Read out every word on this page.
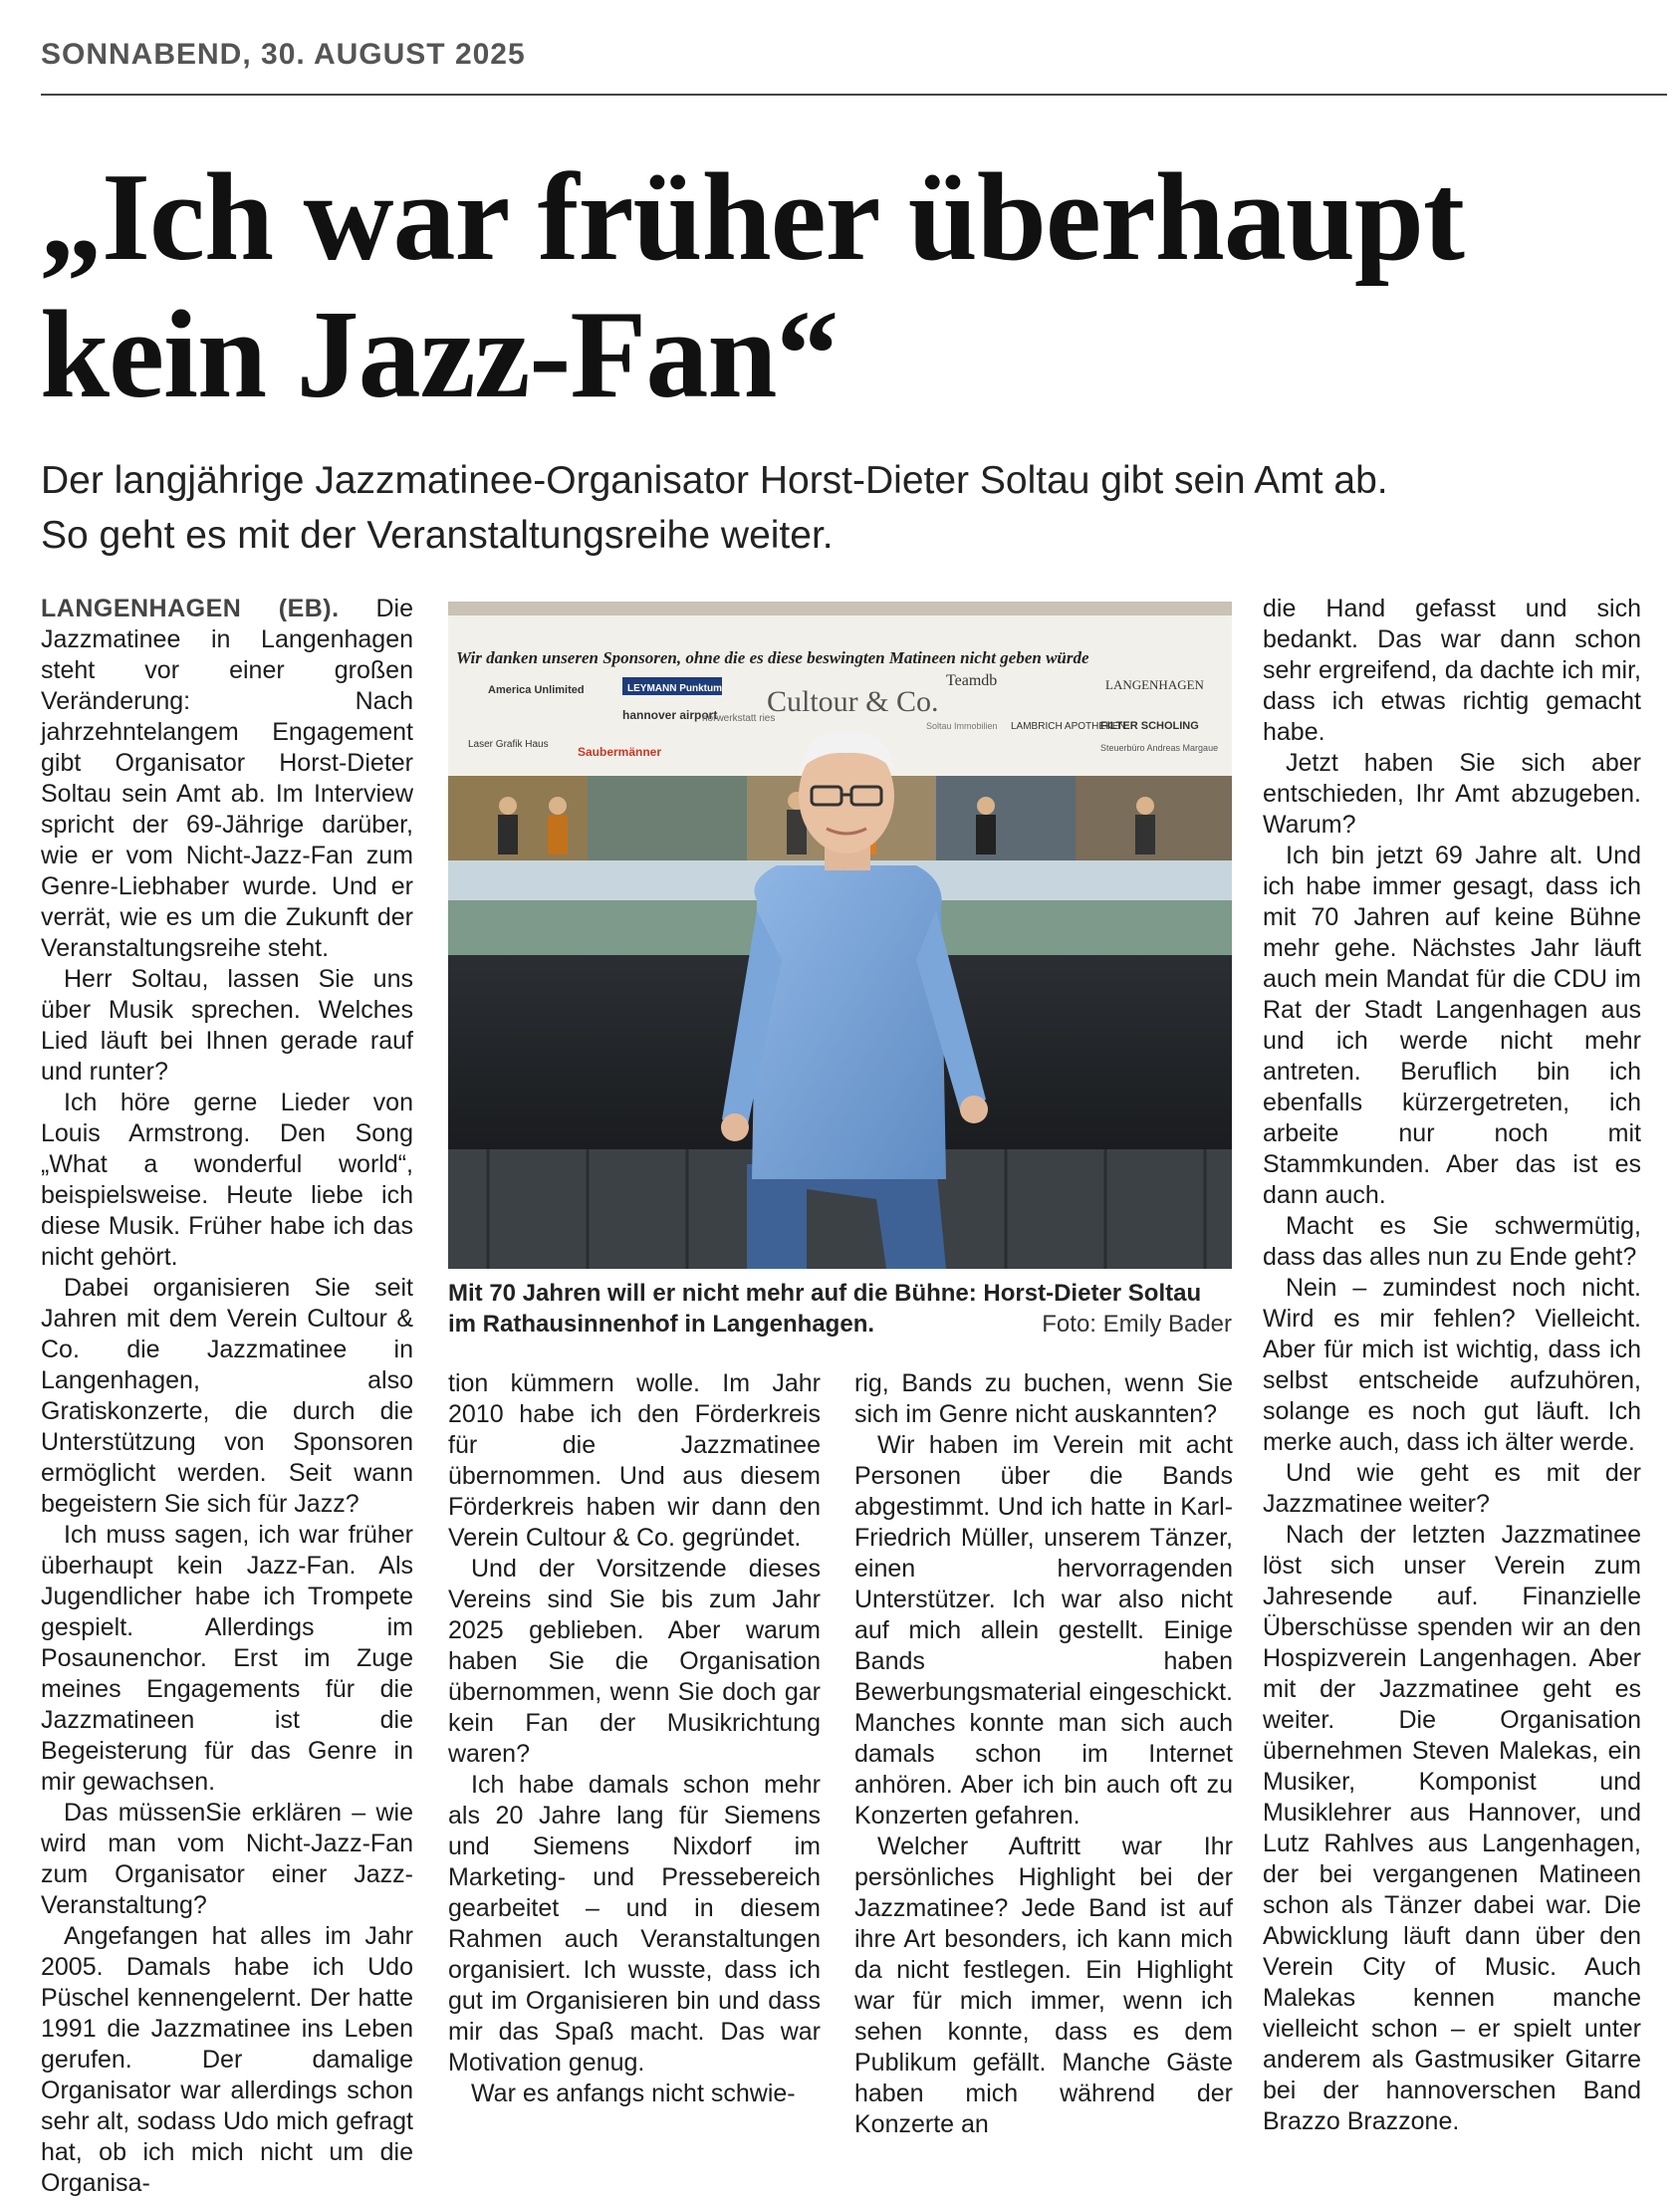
SONNABEND, 30. AUGUST 2025
„Ich war früher überhaupt
kein Jazz-Fan“
Der langjährige Jazzmatinee-Organisator Horst-Dieter Soltau gibt sein Amt ab.
So geht es mit der Veranstaltungsreihe weiter.

LANGENHAGEN (EB). Die Jazzmatinee in Langenhagen steht vor einer großen Veränderung: Nach jahrzehntelangem Engagement gibt Organisator Horst-Dieter Soltau sein Amt ab. Im Interview spricht der 69-Jährige darüber, wie er vom Nicht-Jazz-Fan zum Genre-Liebhaber wurde. Und er verrät, wie es um die Zukunft der Veranstaltungsreihe steht.

Herr Soltau, lassen Sie uns über Musik sprechen. Welches Lied läuft bei Ihnen gerade rauf und runter?

Ich höre gerne Lieder von Louis Armstrong. Den Song „What a wonderful world“, beispielsweise. Heute liebe ich diese Musik. Früher habe ich das nicht gehört.

Dabei organisieren Sie seit Jahren mit dem Verein Cultour & Co. die Jazzmatinee in Langenhagen, also Gratiskonzerte, die durch die Unterstützung von Sponsoren ermöglicht werden. Seit wann begeistern Sie sich für Jazz?

Ich muss sagen, ich war früher überhaupt kein Jazz-Fan. Als Jugendlicher habe ich Trompete gespielt. Allerdings im Posaunenchor. Erst im Zuge meines Engagements für die Jazzmatineen ist die Begeisterung für das Genre in mir gewachsen.

Das müssenSie erklären – wie wird man vom Nicht-Jazz-Fan zum Organisator einer Jazz-Veranstaltung?

Angefangen hat alles im Jahr 2005. Damals habe ich Udo Püschel kennengelernt. Der hatte 1991 die Jazzmatinee ins Leben gerufen. Der damalige Organisator war allerdings schon sehr alt, sodass Udo mich gefragt hat, ob ich mich nicht um die Organisa-

Wir danken unseren Sponsoren, ohne die es diese beswingten Matineen nicht geben würde
America Unlimited	LEYMANN Punktum
hannover airport
hörwerkstatt ries
Cultour & Co.
Teamdb	LANGENHAGEN
LAMBRICH APOTHEKEN
FILTER SCHOLING
Soltau Immobilien
Laser Grafik Haus
Saubermänner	Steuerbüro Andreas Margaue
Mit 70 Jahren will er nicht mehr auf die Bühne: Horst-Dieter Soltau im Rathausinnenhof in Langenhagen.	Foto: Emily Bader

tion kümmern wolle. Im Jahr 2010 habe ich den Förderkreis für die Jazzmatinee übernommen. Und aus diesem Förderkreis haben wir dann den Verein Cultour & Co. gegründet.

Und der Vorsitzende dieses Vereins sind Sie bis zum Jahr 2025 geblieben. Aber warum haben Sie die Organisation übernommen, wenn Sie doch gar kein Fan der Musikrichtung waren?

Ich habe damals schon mehr als 20 Jahre lang für Siemens und Siemens Nixdorf im Marketing- und Pressebereich gearbeitet – und in diesem Rahmen auch Veranstaltungen organisiert. Ich wusste, dass ich gut im Organisieren bin und dass mir das Spaß macht. Das war Motivation genug.

War es anfangs nicht schwie-

rig, Bands zu buchen, wenn Sie sich im Genre nicht auskannten?

Wir haben im Verein mit acht Personen über die Bands abgestimmt. Und ich hatte in Karl-Friedrich Müller, unserem Tänzer, einen hervorragenden Unterstützer. Ich war also nicht auf mich allein gestellt. Einige Bands haben Bewerbungsmaterial eingeschickt. Manches konnte man sich auch damals schon im Internet anhören. Aber ich bin auch oft zu Konzerten gefahren.

Welcher Auftritt war Ihr persönliches Highlight bei der Jazzmatinee? Jede Band ist auf ihre Art besonders, ich kann mich da nicht festlegen. Ein Highlight war für mich immer, wenn ich sehen konnte, dass es dem Publikum gefällt. Manche Gäste haben mich während der Konzerte an

die Hand gefasst und sich bedankt. Das war dann schon sehr ergreifend, da dachte ich mir, dass ich etwas richtig gemacht habe.

Jetzt haben Sie sich aber entschieden, Ihr Amt abzugeben. Warum?

Ich bin jetzt 69 Jahre alt. Und ich habe immer gesagt, dass ich mit 70 Jahren auf keine Bühne mehr gehe. Nächstes Jahr läuft auch mein Mandat für die CDU im Rat der Stadt Langenhagen aus und ich werde nicht mehr antreten. Beruflich bin ich ebenfalls kürzergetreten, ich arbeite nur noch mit Stammkunden. Aber das ist es dann auch.

Macht es Sie schwermütig, dass das alles nun zu Ende geht?

Nein – zumindest noch nicht. Wird es mir fehlen? Vielleicht. Aber für mich ist wichtig, dass ich selbst entscheide aufzuhören, solange es noch gut läuft. Ich merke auch, dass ich älter werde.

Und wie geht es mit der Jazzmatinee weiter?

Nach der letzten Jazzmatinee löst sich unser Verein zum Jahresende auf. Finanzielle Überschüsse spenden wir an den Hospizverein Langenhagen. Aber mit der Jazzmatinee geht es weiter. Die Organisation übernehmen Steven Malekas, ein Musiker, Komponist und Musiklehrer aus Hannover, und Lutz Rahlves aus Langenhagen, der bei vergangenen Matineen schon als Tänzer dabei war. Die Abwicklung läuft dann über den Verein City of Music. Auch Malekas kennen manche vielleicht schon – er spielt unter anderem als Gastmusiker Gitarre bei der hannoverschen Band Brazzo Brazzone.
